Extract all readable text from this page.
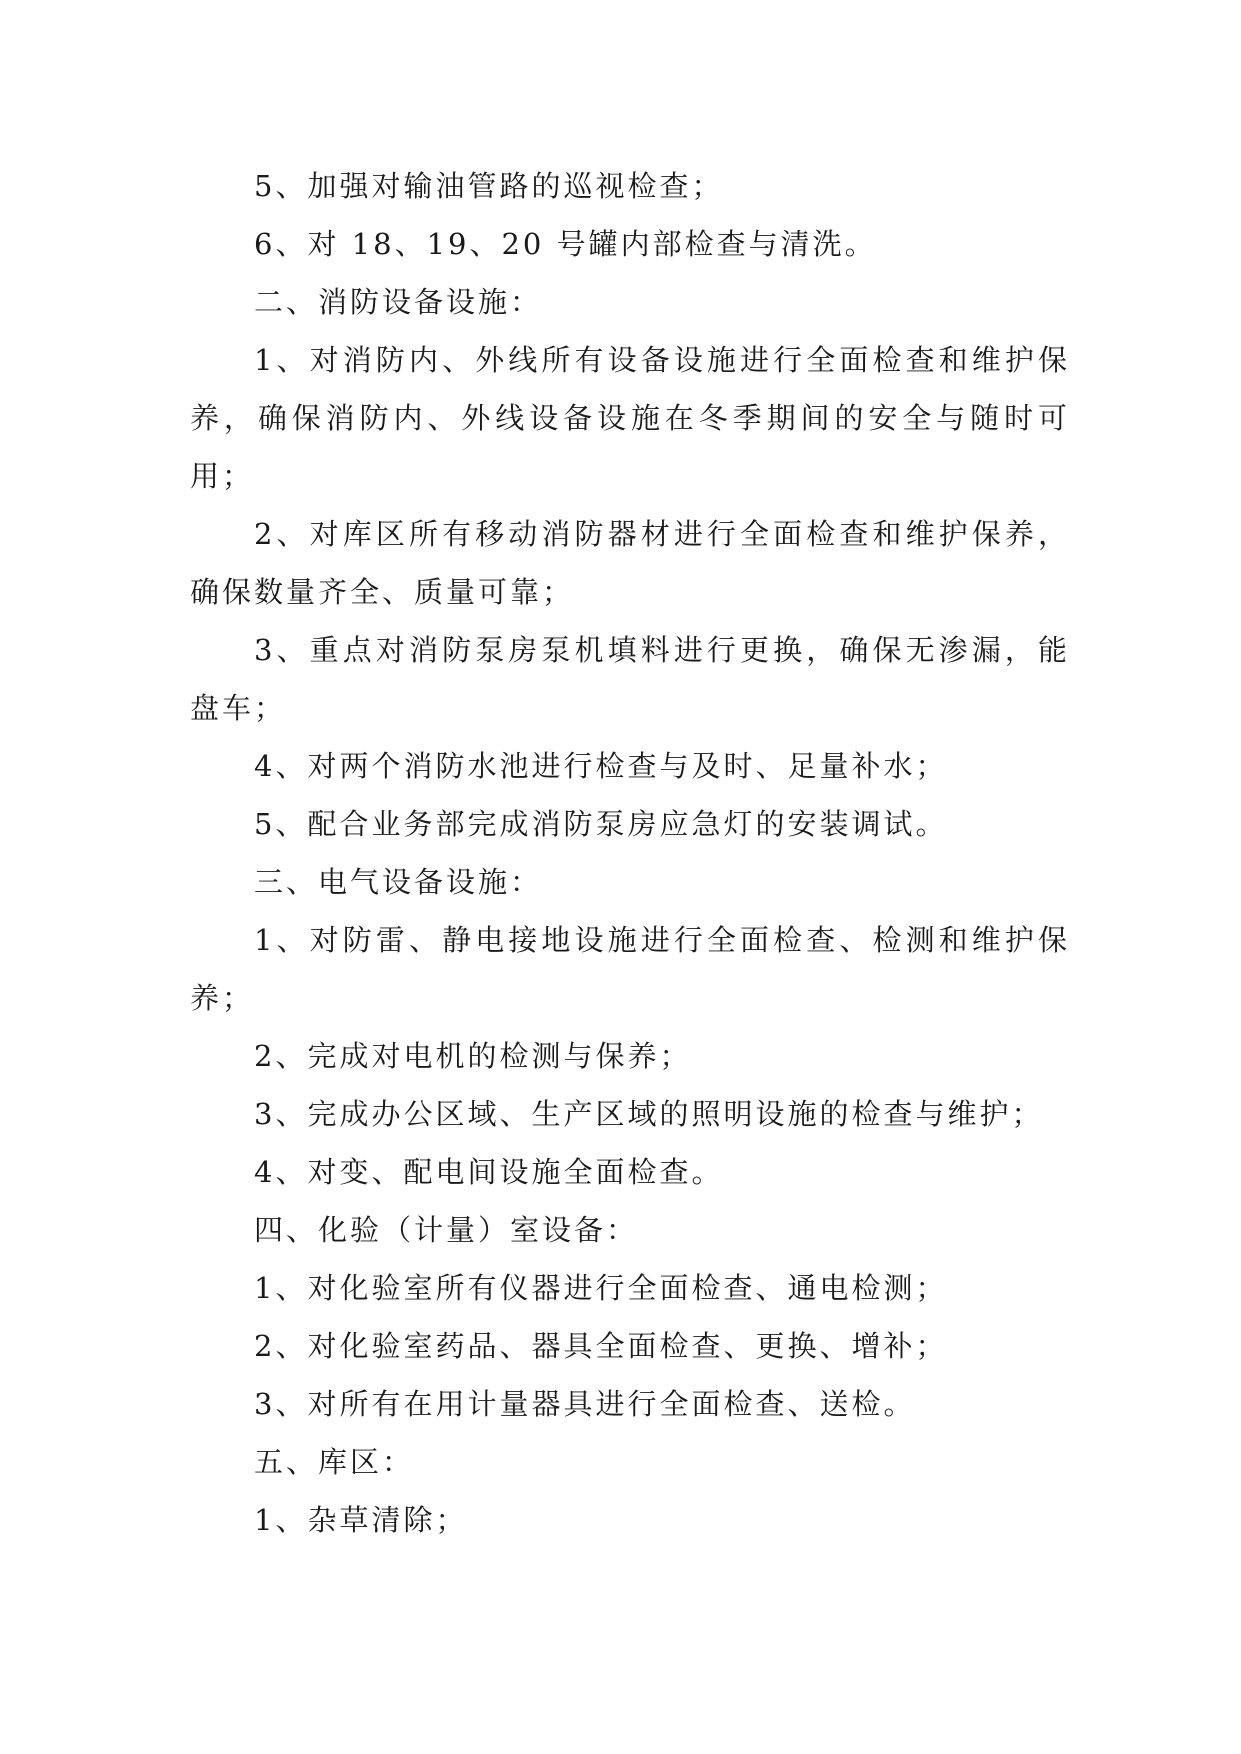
5、加强对输油管路的巡视检查；

6、对 18、19、20 号罐内部检查与清洗。

二、消防设备设施：

1、对消防内、外线所有设备设施进行全面检查和维护保养，确保消防内、外线设备设施在冬季期间的安全与随时可用；

2、对库区所有移动消防器材进行全面检查和维护保养，确保数量齐全、质量可靠；

3、重点对消防泵房泵机填料进行更换，确保无渗漏，能盘车；

4、对两个消防水池进行检查与及时、足量补水；

5、配合业务部完成消防泵房应急灯的安装调试。

三、电气设备设施：

1、对防雷、静电接地设施进行全面检查、检测和维护保养；

2、完成对电机的检测与保养；

3、完成办公区域、生产区域的照明设施的检查与维护；

4、对变、配电间设施全面检查。

四、化验（计量）室设备：

1、对化验室所有仪器进行全面检查、通电检测；

2、对化验室药品、器具全面检查、更换、增补；

3、对所有在用计量器具进行全面检查、送检。

五、库区：

1、杂草清除；
